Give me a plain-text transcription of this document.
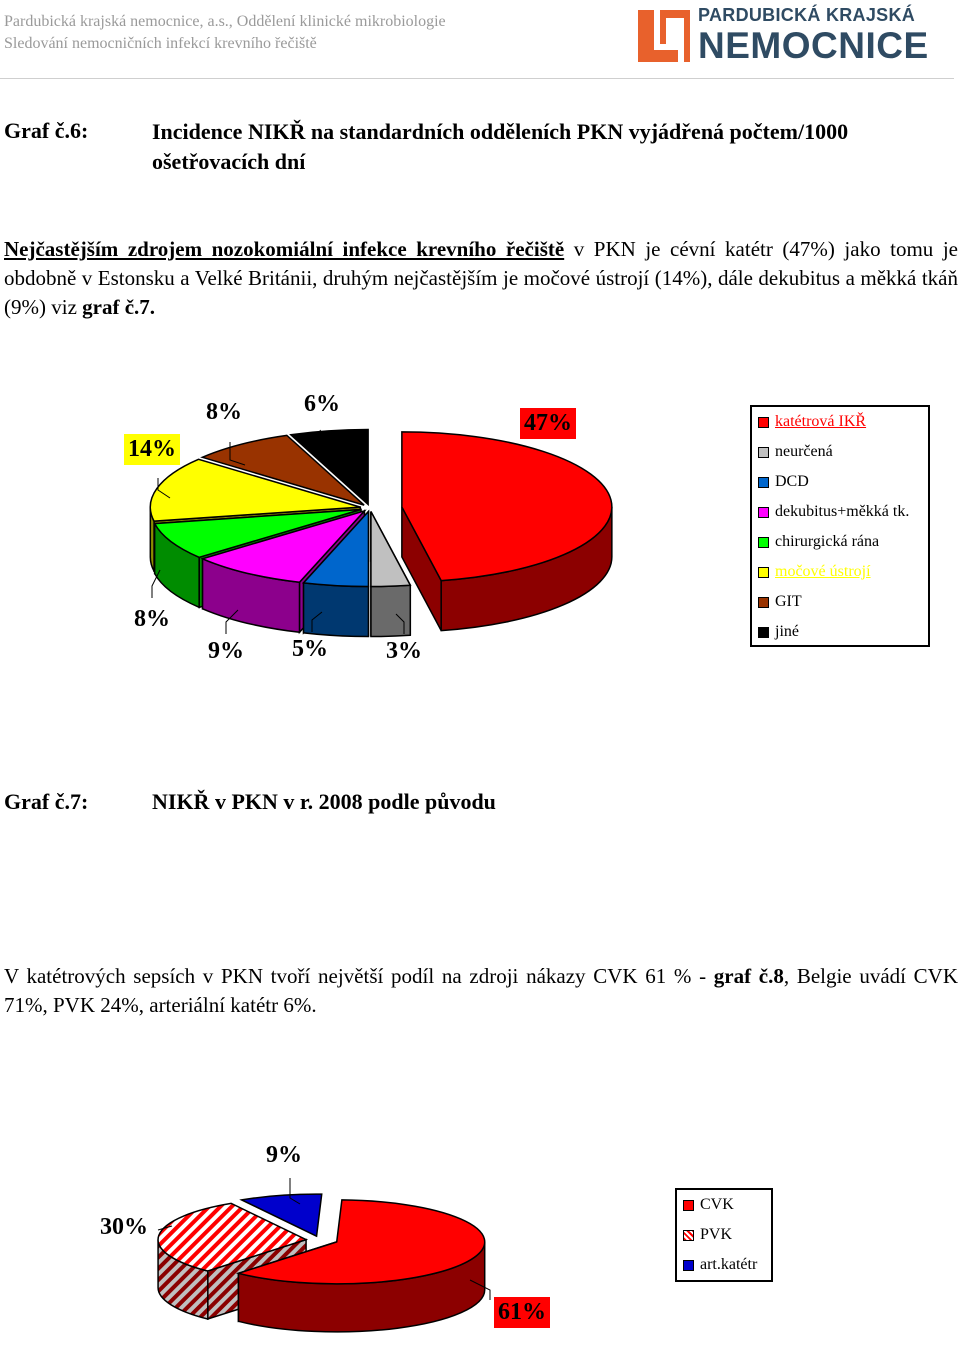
Pardubická krajská nemocnice, a.s., Oddělení klinické mikrobiologie
Sledování nemocničních infekcí krevního řečiště
PARDUBICKÁ KRAJSKÁ
NEMOCNICE
Graf č.6:	Incidence NIKŘ na standardních odděleních PKN vyjádřená počtem/1000
ošetřovacích dní
Nejčastějším zdrojem nozokomiální infekce krevního řečiště v PKN je cévní katétr (47%) jako tomu je obdobně v Estonsku a Velké Británii, druhým nejčastějším je močové ústrojí (14%), dále dekubitus a měkká tkáň (9%) viz graf č.7.
47%
3%
5%
9%
8%
14%
8%	6%
katétrová IKŘ
neurčená
DCD
dekubitus+měkká tk.
chirurgická rána
močové ústrojí
GIT
jiné
Graf č.7:	NIKŘ v PKN v r. 2008 podle původu
V katétrových sepsích v PKN tvoří největší podíl na zdroji nákazy CVK 61 % - graf č.8, Belgie uvádí CVK 71%, PVK 24%, arteriální katétr 6%.
61%
30%
9%
CVK
PVK
art.katétr
